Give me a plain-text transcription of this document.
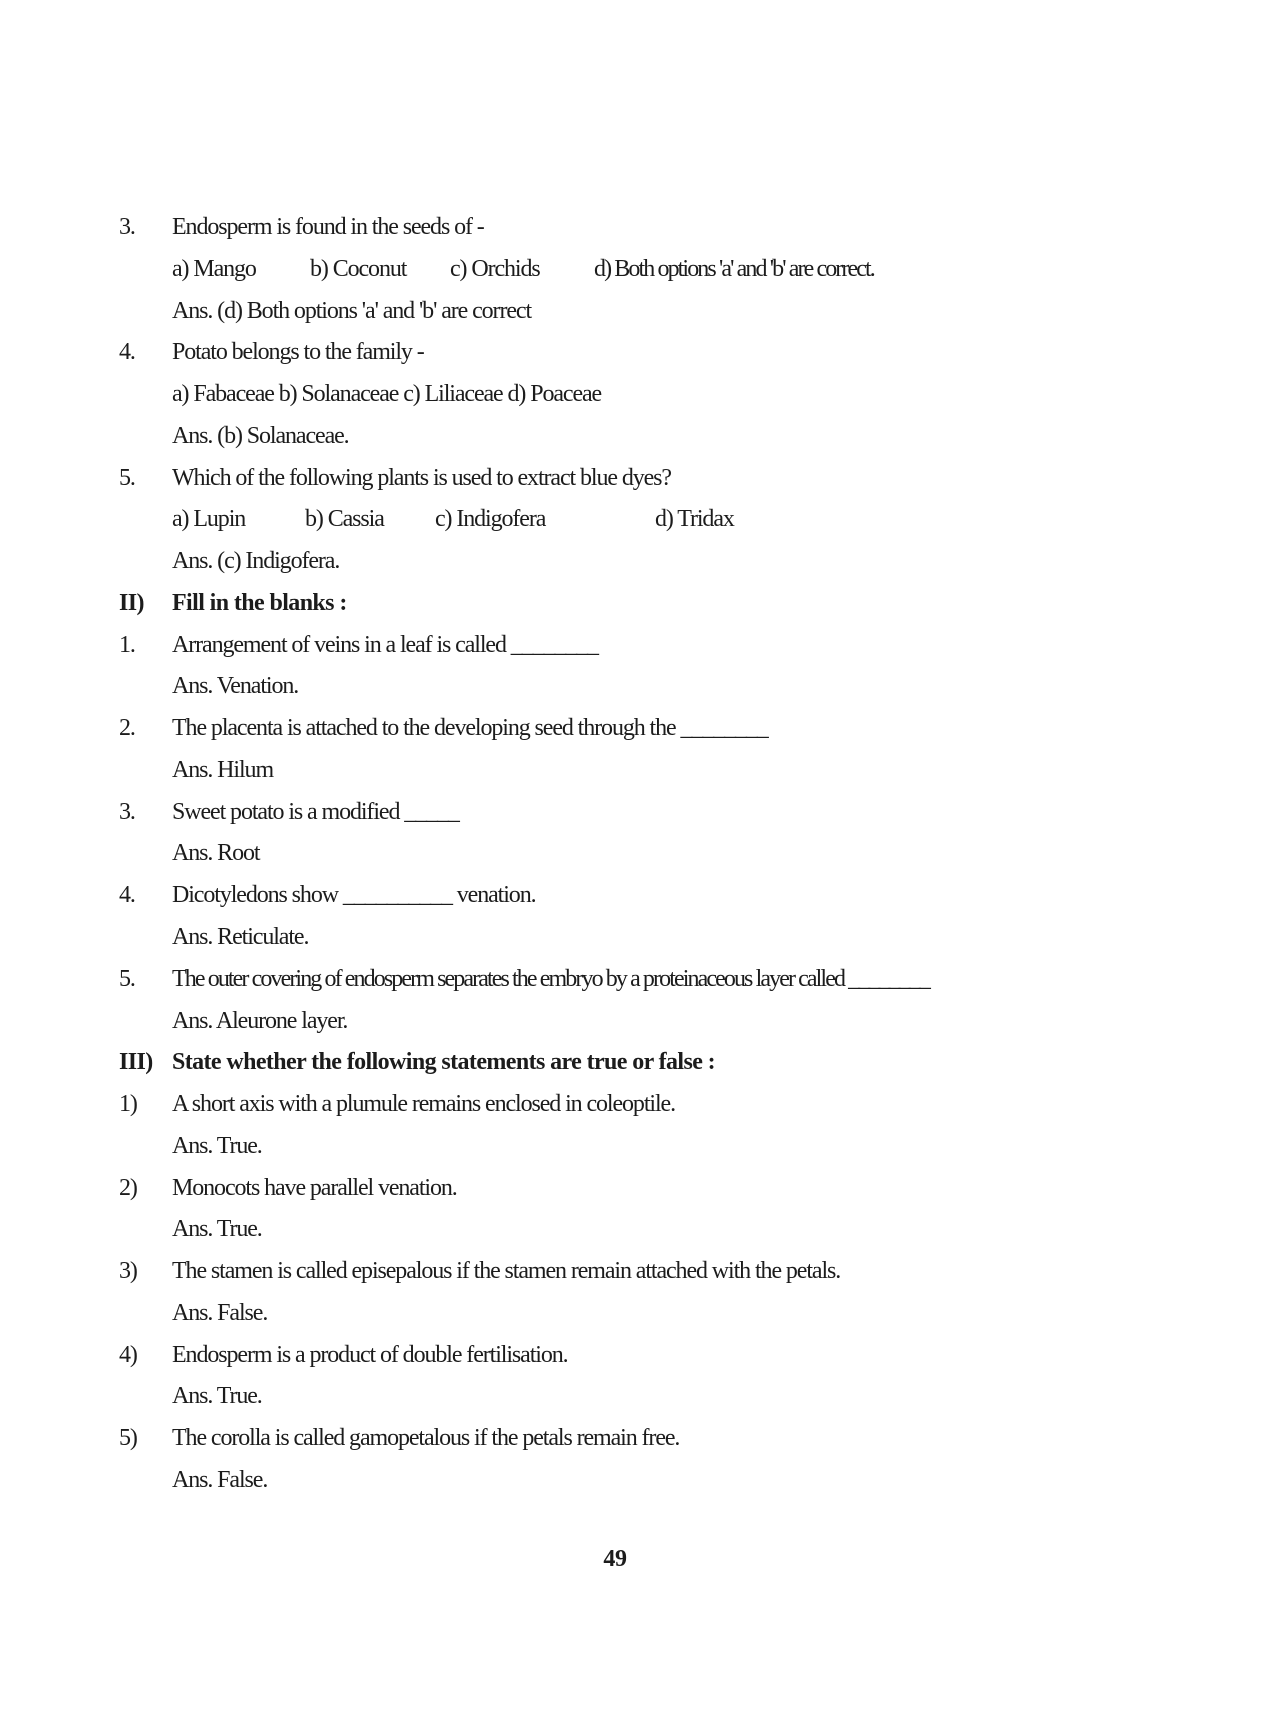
3. Endosperm is found in the seeds of -
a) Mango b) Coconut c) Orchids d) Both options 'a' and 'b' are correct.
Ans. (d) Both options 'a' and 'b' are correct
4. Potato belongs to the family -
a) Fabaceae b) Solanaceae c) Liliaceae d) Poaceae
Ans. (b) Solanaceae.
5. Which of the following plants is used to extract blue dyes?
a) Lupin b) Cassia c) Indigofera	d) Tridax
Ans. (c) Indigofera.
II) Fill in the blanks :
1. Arrangement of veins in a leaf is called ________
Ans. Venation.
2. The placenta is attached to the developing seed through the ________
Ans. Hilum
3. Sweet potato is a modified _____
Ans. Root
4. Dicotyledons show __________ venation.
Ans. Reticulate.
5. The outer covering of endosperm separates the embryo by a proteinaceous layer called ________
Ans. Aleurone layer.
III) State whether the following statements are true or false :
1) A short axis with a plumule remains enclosed in coleoptile.
Ans. True.
2) Monocots have parallel venation.
Ans. True.
3) The stamen is called episepalous if the stamen remain attached with the petals.
Ans. False.
4) Endosperm is a product of double fertilisation.
Ans. True.
5) The corolla is called gamopetalous if the petals remain free.
Ans. False.
49
